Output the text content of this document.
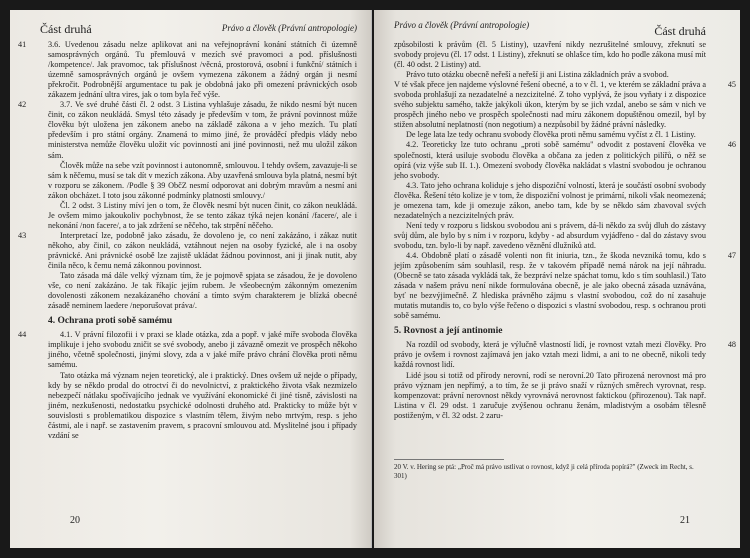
Část druhá	Právo a člověk (Právní antropologie)

41	3.6. Uvedenou zásadu nelze aplikovat ani na veřejnoprávní konání státních či územně samosprávných orgánů. Tu přemlouvá v mezích své pravomoci a pod. příslušnosti /kompetence/. Jak pravomoc, tak příslušnost /věcná, prostorová, osobní i funkční/ státních i územně samosprávných orgánů je ovšem vymezena zákonem a žádný orgán ji nesmí překročit. Podrobnější argumentace tu pak je obdobná jako při omezení právnických osob zákazem jednání ultra vires, jak o tom byla řeč výše.

42	3.7. Ve své druhé části čl. 2 odst. 3 Listina vyhlašuje zásadu, že nikdo nesmí být nucen činit, co zákon neukládá. Smysl této zásady je především v tom, že právní povinnost může člověku být uložena jen zákonem anebo na základě zákona a v jeho mezích. Tu platí především i pro státní orgány. Znamená to mimo jiné, že prováděcí předpis vlády nebo ministerstva nemůže člověku uložit víc povinností ani jiné povinnosti, než mu uložil zákon sám.

Člověk může na sebe vzít povinnost i autonomně, smlouvou. I tehdy ovšem, zavazuje-li se sám k něčemu, musí se tak dít v mezích zákona. Aby uzavřená smlouva byla platná, nesmí být v rozporu se zákonem. /Podle § 39 ObčZ nesmí odporovat ani dobrým mravům a nesmí ani zákon obcházet. I toto jsou zákonné podmínky platnosti smlouvy./

Čl. 2 odst. 3 Listiny míví jen o tom, že člověk nesmí být nucen činit, co zákon neukládá. Je ovšem mimo jakoukoliv pochybnost, že se tento zákaz týká nejen konání /facere/, ale i nekonání /non facere/, a to jak zdržení se něčeho, tak strpění něčeho.

43	Interpretací lze, podobně jako zásadu, že dovoleno je, co není zakázáno, i zákaz nutit někoho, aby činil, co zákon neukládá, vztáhnout nejen na osoby fyzické, ale i na osoby právnické. Ani právnické osobě lze zajistě ukládat žádnou povinnost, ani ji jinak nutit, aby činila něco, k čemu nemá zákonnou povinnost.

Tato zásada má dále velký význam tím, že je pojmově spjata se zásadou, že je dovoleno vše, co není zakázáno. Je tak říkajíc jejím rubem. Je všeobecným zákonným omezením dovolenosti zákonem nezakázaného chování a tímto svým charakterem je blízká obecné zásadě neminem laedere /neporušovat práva/.

4. Ochrana proti sobě samému

44	4.1. V právní filozofii i v praxi se klade otázka, zda a popř. v jaké míře svoboda člověka implikuje i jeho svobodu zničit se své svobody, anebo ji závazně omezit ve prospěch někoho jiného, včetně společnosti, jinými slovy, zda a v jaké míře právo chrání člověka proti němu samému.

Tato otázka má význam nejen teoretický, ale i praktický. Dnes ovšem už nejde o případy, kdy by se někdo prodal do otroctví či do nevolnictví, z praktického života však nezmizelo nebezpečí nátlaku spočívajícího jednak ve využívání ekonomické či jiné tísně, závislosti na jiném, nezkušenosti, nedostatku psychické odolnosti druhého atd. Prakticky to může být v souvislosti s problematikou dispozice s vlastním tělem, živým nebo mrtvým, resp. s jeho částmi, ale i např. se zastavením pravem, s pracovní smlouvou atd. Myslitelné jsou i případy vzdání se

20
Právo a člověk (Právní antropologie)	Část druhá

způsobilosti k právům (čl. 5 Listiny), uzavření nikdy nezrušitelné smlouvy, zřeknutí se svobody projevu (čl. 17 odst. 1 Listiny), zřeknutí se ohlašce tím, kdo ho podle zákona musí mít (čl. 40 odst. 2 Listiny) atd.

Právo tuto otázku obecně neřeší a neřeší ji ani Listina základních práv a svobod.

45
V té však přece jen najdeme výslovné řešení obecné, a to v čl. 1, ve kterém se základní práva a svoboda prohlašují za nezadatelné a nezcizitelné. Z toho vyplývá, že jsou vyňaty i z dispozice svého subjektu samého, takže jakýkoli úkon, kterým by se jich vzdal, anebo se sám v nich ve prospěch jiného nebo ve prospěch společnosti nad míru zákonem dopuštěnou omezil, byl by stižen absolutní neplatností (non negotium) a nezpůsobil by žádné právní následky.

De lege lata lze tedy ochranu svobody člověka proti němu samému vyčíst z čl. 1 Listiny.

46
4.2. Teoreticky lze tuto ochranu „proti sobě samému" odvodit z postavení člověka ve společnosti, která usiluje svobodu člověka a občana za jeden z politických pilířů, o něž se opírá (viz výše sub II. 1.). Omezení svobody člověka nakládat s vlastní svobodou je ochranou jeho svobody.

4.3. Tato jeho ochrana koliduje s jeho dispoziční volností, která je součástí osobní svobody člověka. Řešení této kolize je v tom, že dispoziční volnost je primární, nikoli však neomezená; je omezena tam, kde ji omezuje zákon, anebo tam, kde by se někdo sám zbavoval svých nezadatelných a nezcizitelných práv.

Není tedy v rozporu s lidskou svobodou ani s právem, dá-li někdo za svůj dluh do zástavy svůj dům, ale bylo by s ním i v rozporu, kdyby - ad absurdum vyjádřeno - dal do zástavy svou svobodu, tzn. bylo-li by např. zavedeno věznění dlužníků atd.

47
4.4. Obdobně platí o zásadě volenti non fit iniuria, tzn., že škoda nevzniká tomu, kdo s jejím způsobením sám souhlasil, resp. že v takovém případě nemá nárok na její náhradu. (Obecně se tato zásada vykládá tak, že bezpráví nelze spáchat tomu, kdo s tím souhlasil.) Tato zásada v našem právu není nikde formulována obecně, je ale jako obecná zásada uznávána, byť ne bezvýjimečně. Z hlediska právněho zájmu s vlastní svobodou, což do ní zasahuje mutatis mutandis to, co bylo výše řečeno o dispozici s vlastní svobodou, resp. s ochranou proti sobě samému.

5. Rovnost a její antinomie

48
Na rozdíl od svobody, která je výlučně vlastností lidí, je rovnost vztah mezi člověky. Pro právo je ovšem i rovnost zajímavá jen jako vztah mezi lidmi, a ani to ne obecně, nikoli tedy každá rovnost lidí.

Lidé jsou si totiž od přírody nerovní, rodí se nerovní.20 Tato přirozená nerovnost má pro právo význam jen nepřímý, a to tím, že se ji právo snaží v různých směrech vyrovnat, resp. kompenzovat: právní nerovnost někdy vyrovnává nerovnost faktickou (přirozenou). Tak např. Listina v čl. 29 odst. 1 zaručuje zvýšenou ochranu ženám, mladistvým a osobám tělesně postiženým, v čl. 32 odst. 2 zaru-

20 V. v. Hering se ptá: „Proč má právo ustlivat o rovnost, když ji celá příroda popírá?" (Zweck im Recht, s. 301)
21
